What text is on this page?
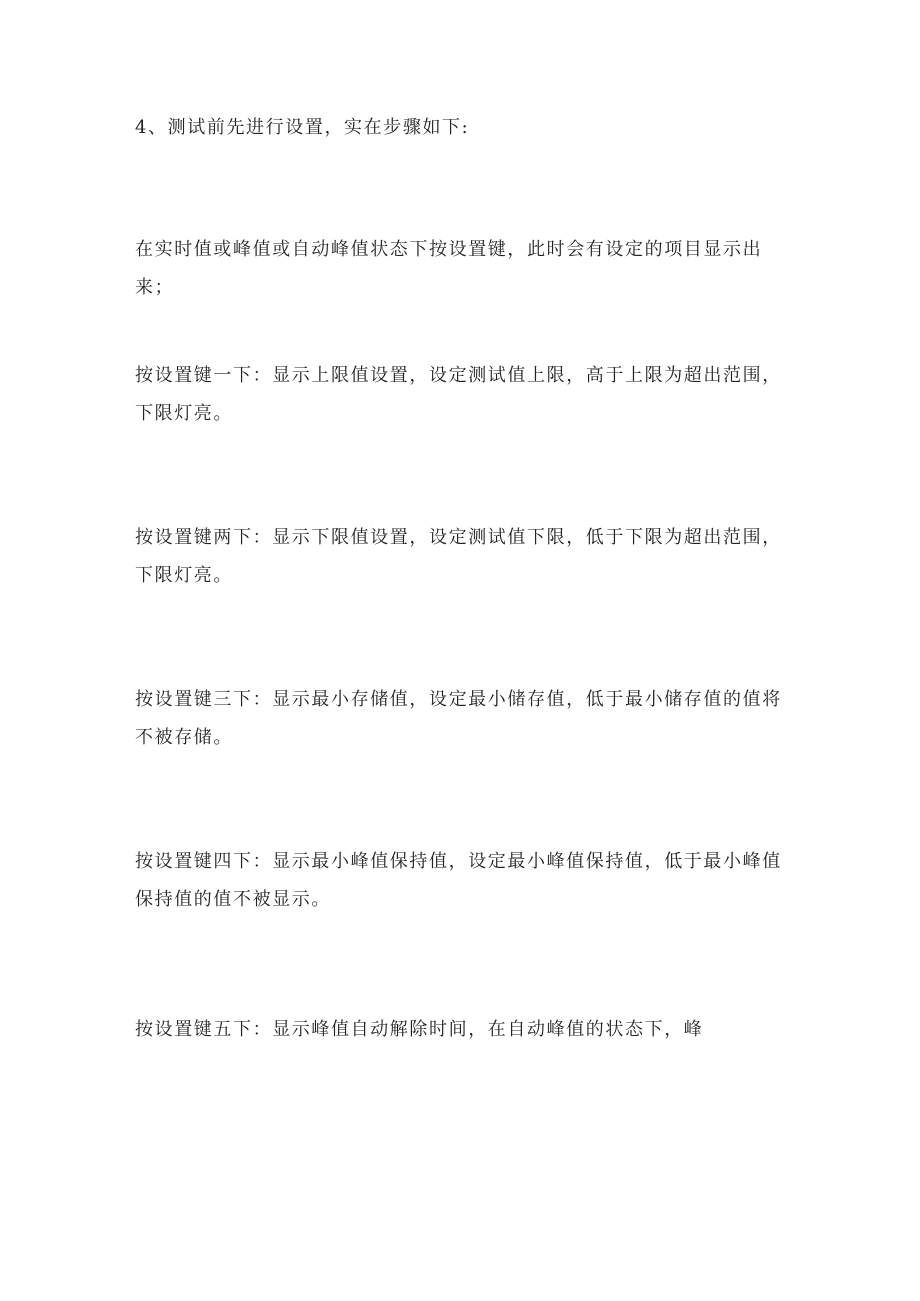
4、测试前先进行设置，实在步骤如下:

在实时值或峰值或自动峰值状态下按设置键，此时会有设定的项目显示出来；

按设置键一下：显示上限值设置，设定测试值上限，高于上限为超出范围，下限灯亮。

按设置键两下：显示下限值设置，设定测试值下限，低于下限为超出范围，下限灯亮。

按设置键三下：显示最小存储值，设定最小储存值，低于最小储存值的值将不被存储。

按设置键四下：显示最小峰值保持值，设定最小峰值保持值，低于最小峰值保持值的值不被显示。

按设置键五下：显示峰值自动解除时间，在自动峰值的状态下，峰
